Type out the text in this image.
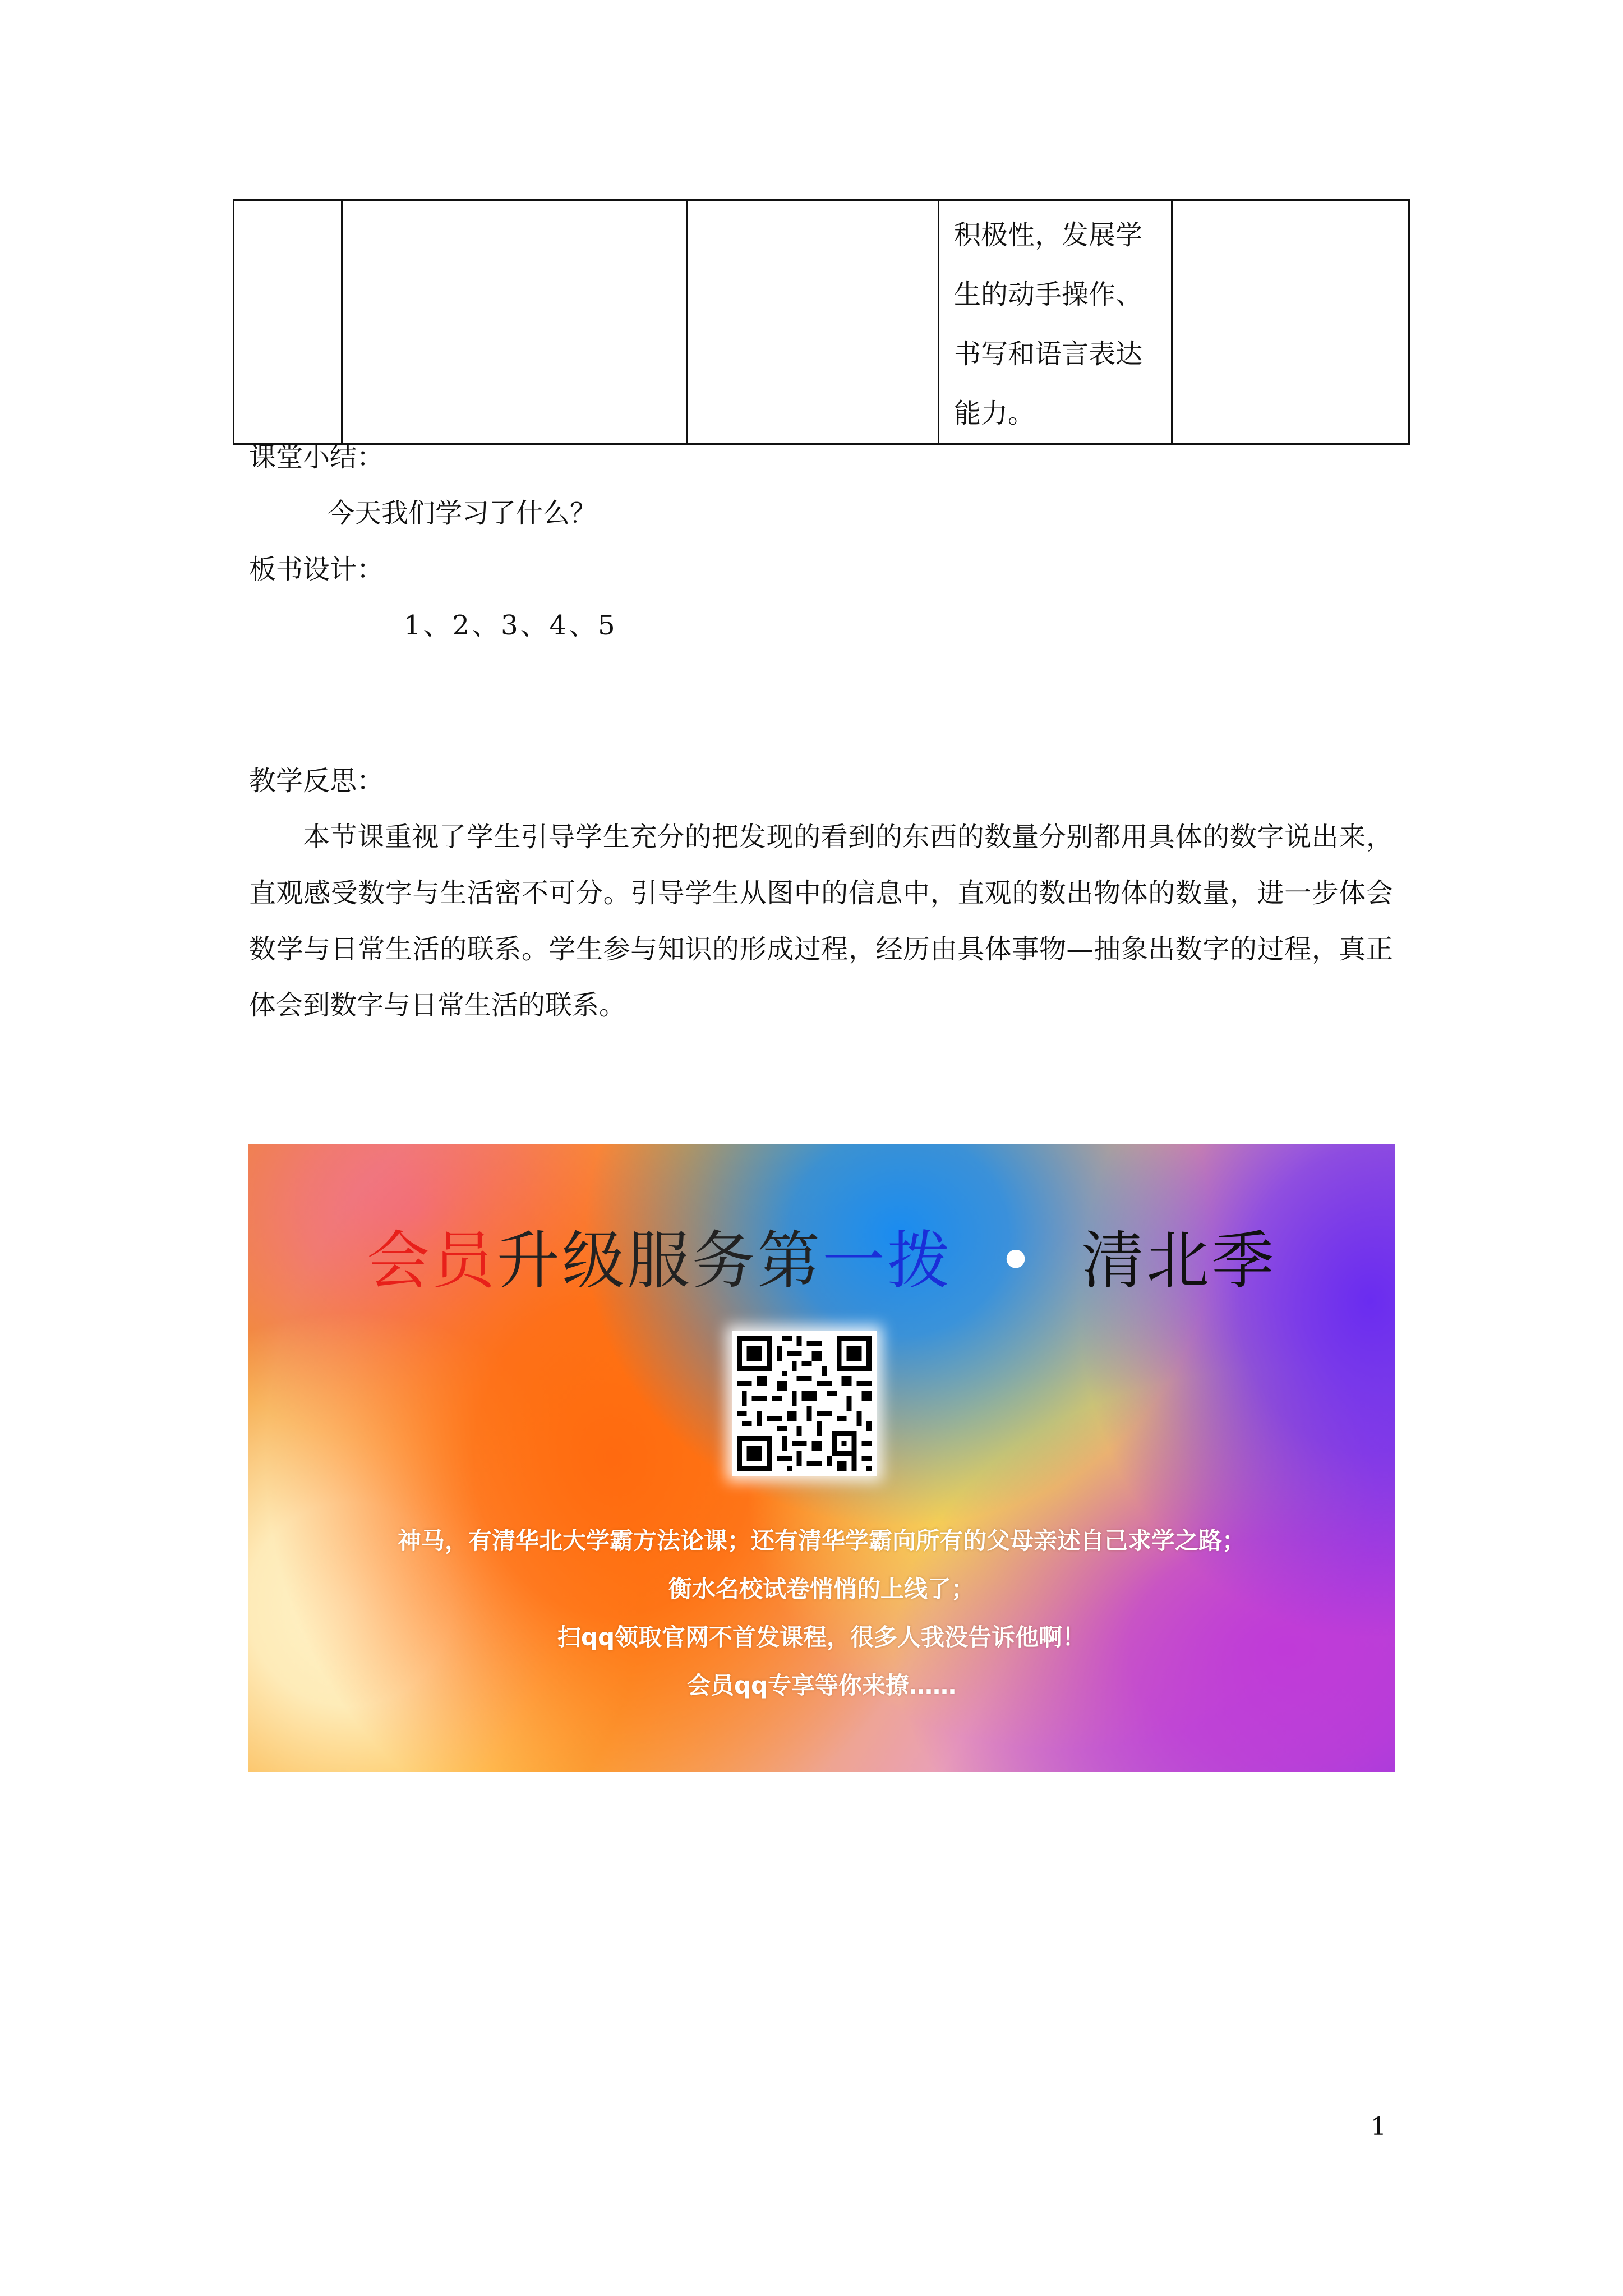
积极性，发展学
生的动手操作、
书写和语言表达
能力。

课堂小结：
今天我们学习了什么？
板书设计：
1、2、3、4、5
教学反思：
本节课重视了学生引导学生充分的把发现的看到的东西的数量分别都用具体的数字说出来，直观感受数字与生活密不可分。引导学生从图中的信息中，直观的数出物体的数量，进一步体会数学与日常生活的联系。学生参与知识的形成过程，经历由具体事物—抽象出数字的过程，真正体会到数字与日常生活的联系。
会员升级服务第一拨 • 清北季
神马，有清华北大学霸方法论课；还有清华学霸向所有的父母亲述自己求学之路；
衡水名校试卷悄悄的上线了；
扫qq领取官网不首发课程，很多人我没告诉他啊！
会员qq专享等你来撩……
1
